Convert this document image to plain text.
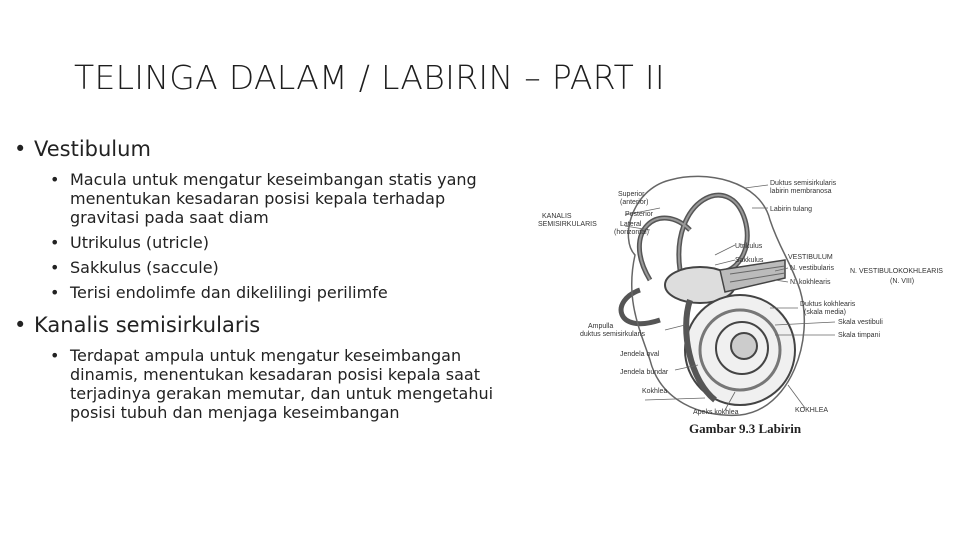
TELINGA DALAM / LABIRIN – PART II
• Vestibulum
• Macula untuk mengatur keseimbangan statis yang menentukan kesadaran posisi kepala terhadap gravitasi pada saat diam
• Utrikulus (utricle)
• Sakkulus (saccule)
• Terisi endolimfe dan dikelilingi perilimfe
• Kanalis semisirkularis
• Terdapat ampula untuk mengatur keseimbangan dinamis, menentukan kesadaran posisi kepala saat terjadinya gerakan memutar, dan untuk mengetahui posisi tubuh dan menjaga keseimbangan
KANALIS
SEMISIRKULARIS
Superior
(anterior)
Posterior
Lateral
(horizontal)
Duktus semisirkularis
labirin membranosa
Labirin tulang
Utrikulus
Sakkulus	VESTIBULUM
N. vestibularis
N. kokhlearis
N. VESTIBULOKOKHLEARIS
(N. VIII)
Duktus kokhlearis
(skala media)
Skala vestibuli
Skala timpani
Ampulla
duktus semisirkularis
Jendela oval
Jendela bundar
Kokhlea
Apeks kokhlea	KOKHLEA
Gambar 9.3 Labirin
